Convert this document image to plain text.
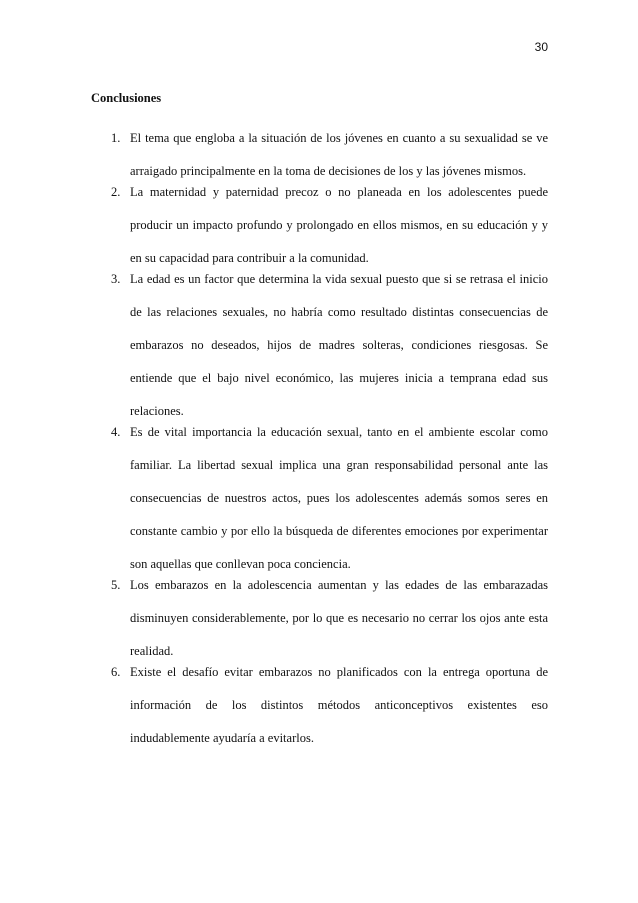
30
Conclusiones
1. El tema que engloba a la situación de los jóvenes en cuanto a su sexualidad se ve arraigado principalmente en la toma de decisiones de los y las jóvenes mismos.
2. La maternidad y paternidad precoz o no planeada en los adolescentes puede producir un impacto profundo y prolongado en ellos mismos, en su educación y y en su capacidad para contribuir a la comunidad.
3. La edad es un factor que determina la vida sexual puesto que si se retrasa el inicio de las relaciones sexuales, no habría como resultado distintas consecuencias de embarazos no deseados, hijos de madres solteras, condiciones riesgosas. Se entiende que el bajo nivel económico, las mujeres inicia a temprana edad sus relaciones.
4. Es de vital importancia la educación sexual, tanto en el ambiente escolar como familiar. La libertad sexual implica una gran responsabilidad personal ante las consecuencias de nuestros actos, pues los adolescentes además somos seres en constante cambio y por ello la búsqueda de diferentes emociones por experimentar son aquellas que conllevan poca conciencia.
5. Los embarazos en la adolescencia aumentan y las edades de las embarazadas disminuyen considerablemente, por lo que es necesario no cerrar los ojos ante esta realidad.
6. Existe el desafío evitar embarazos no planificados con la entrega oportuna de información de los distintos métodos anticonceptivos existentes eso indudablemente ayudaría a evitarlos.
